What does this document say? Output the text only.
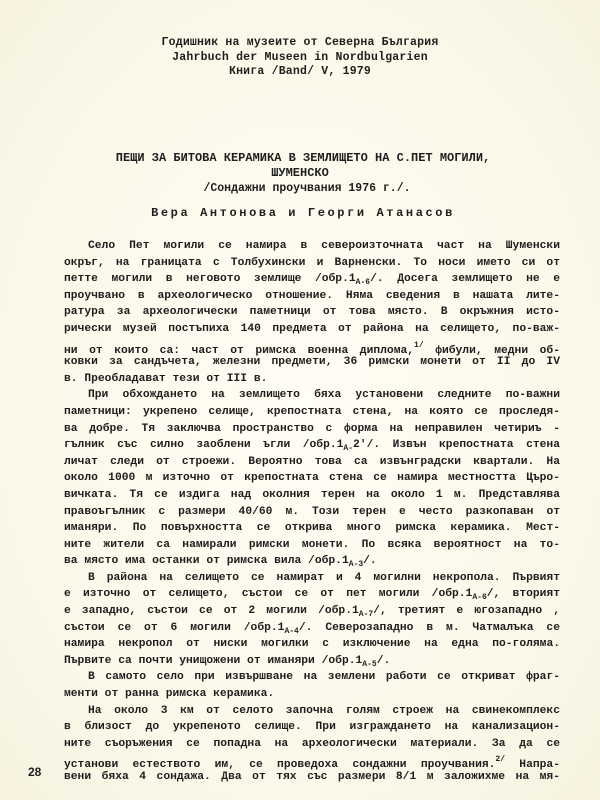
Годишник на музеите от Северна България
Jahrbuch der Museen in Nordbulgarien
Книга /Band/ V, 1979
ПЕЩИ ЗА БИТОВА КЕРАМИКА В ЗЕМЛИЩЕТО НА С.ПЕТ МОГИЛИ,
ШУМЕНСКО
/Сондажни проучвания 1976 г./.
Вера Антонова и Георги Атанасов
Село Пет могили се намира в североизточната част на Шуменски
окръг, на границата с Толбухински и Варненски. То носи името си от
петте могили в неговото землище $/обр.1_{А-6}/$. Досега землището не е
проучвано в археологическо отношение. Няма сведения в нашата лите-
ратура за археологически паметници от това място. В окръжния исто-
рически музей постъпиха 140 предмета от района на селището, по-важ-
ни от които са: част от римска военна диплома,$^{1/}$ фибули, медни об-
ковки за сандъчета, железни предмети, 36 римски монети от II до IV
в. Преобладават тези от III в.
При обхождането на землището бяха установени следните по-важни
паметници: укрепено селище, крепостната стена, на която се проследя-
ва добре. Тя заключва пространство с форма на неправилен четириъ -
гълник със силно заоблени ъгли $/обр.1_{А-}2'/$. Извън крепостната стена
личат следи от строежи. Вероятно това са извънградски квартали. На
около 1000 м източно от крепостната стена се намира местността Църо-
вичката. Тя се издига над околния терен на около 1 м. Представлява
правоъгълник с размери 40/60 м. Този терен е често разкопаван от
иманяри. По повърхността се открива много римска керамика. Мест-
ните жители са намирали римски монети. По всяка вероятност на то-
ва място има останки от римска вила $/обр.1_{А-3}/$.
В района на селището се намират и 4 могилни некропола. Първият
е източно от селището, състои се от пет могили $/обр.1_{А-6}/$, вторият
е западно, състои се от 2 могили $/обр.1_{А-7}/$, третият е югозападно ,
състои се от 6 могили $/обр.1_{А-4}/$. Северозападно в м. Чатмалъка се
намира некропол от ниски могилки с изключение на една по-голяма.
Първите са почти унищожени от иманяри $/обр.1_{А-5}/$.
В самото село при извършване на землени работи се откриват фраг-
менти от ранна римска керамика.
На около 3 км от селото започна голям строеж на свинекомплекс
в близост до укрепеното селище. При изграждането на канализацион-
ните съоръжения се попадна на археологически материали. За да се
установи естеството им, се проведоха сондажни проучвания.$^{2/}$ Напра-
вени бяха 4 сондажа. Два от тях със размери 8/1 м заложихме на мя-
28
